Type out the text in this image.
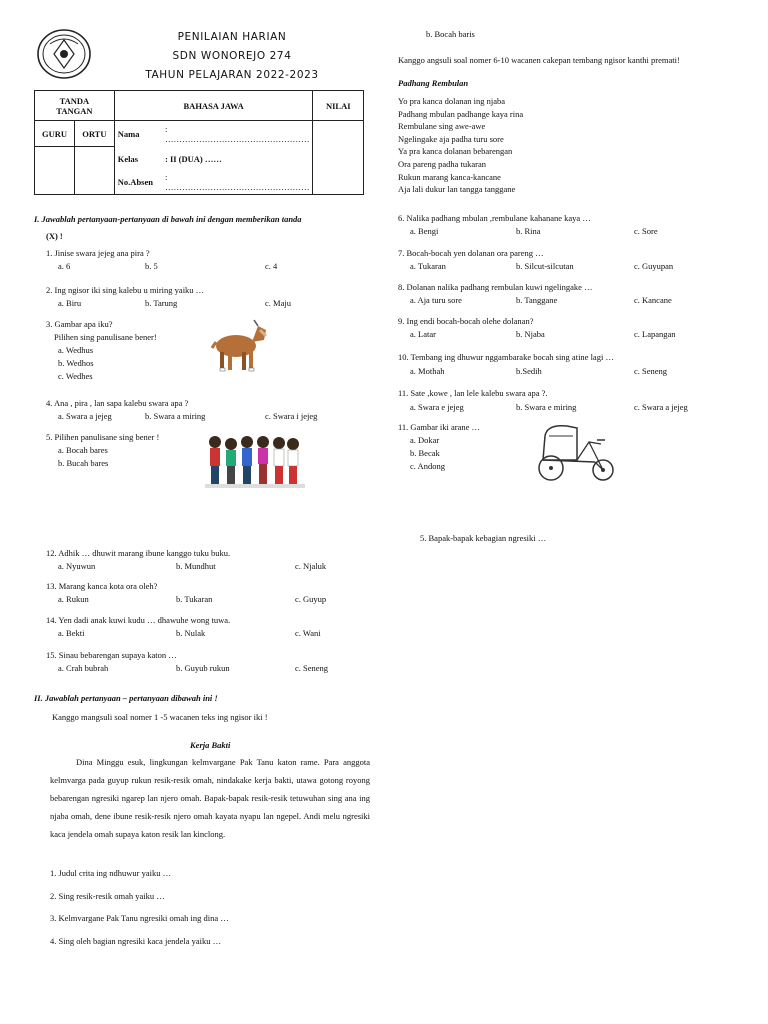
PENILAIAN HARIAN
SDN WONOREJO 274
TAHUN PELAJARAN 2022-2023
TANDA
TANGAN		BAHASA JAWA		NILAI
GURU	ORTU	Nama	: ……………………………………………	
		Kelas	: II (DUA) ……	
		No.Absen	: ……………………………………………	
I. Jawablah pertanyaan-pertanyaan di bawah ini dengan memberikan tanda
(X) !
1. Jinise swara jejeg ana pira ?
a. 6	b. 5	c. 4
2. Ing ngisor iki sing kalebu u miring yaiku …
a. Biru	b. Tarung	c. Maju
3. Gambar apa iku?
Pilihen sing panulisane bener!
a. Wedhus
b. Wedhos
c. Wedhes
4. Ana , pira , lan sapa kalebu swara apa ?
a. Swara a jejeg	b. Swara a miring	c. Swara i jejeg
5. Pilihen panulisane sing bener !
a. Bocah bares
b. Bucah bares
12. Adhik … dhuwit marang ibune kanggo tuku buku.
a. Nyuwun	b. Mundhut	c. Njaluk
13. Marang kanca kota ora oleh?
a. Rukun	b. Tukaran	c. Guyup
14. Yen dadi anak kuwi kudu … dhawuhe wong tuwa.
a. Bekti	b. Nulak	c. Wani
15. Sinau bebarengan supaya katon …
a. Crah bubrah	b. Guyub rukun	c. Seneng
II. Jawablah pertanyaan – pertanyaan dibawah ini !
Kanggo mangsuli soal nomer 1 -5 wacanen teks ing ngisor iki !
Kerja Bakti
Dina Minggu esuk, lingkungan kelmvargane Pak Tanu katon rame. Para anggota kelmvarga pada guyup rukun resik-resik omah, nindakake kerja bakti, utawa gotong royong bebarengan ngresiki ngarep lan njero omah. Bapak-bapak resik-resik tetuwuhan sing ana ing njaba omah, dene ibune resik-resik njero omah kayata nyapu lan ngepel. Andi melu ngresiki kaca jendela omah supaya katon resik lan kinclong.
1. Judul crita ing ndhuwur yaiku …
2. Sing resik-resik omah yaiku …
3. Kelmvargane Pak Tanu ngresiki omah ing dina …
4. Sing oleh bagian ngresiki kaca jendela yaiku …
5. Bapak-bapak kebagian ngresiki …
b. Bocah baris
Kanggo angsuli soal nomer 6-10 wacanen cakepan tembang ngisor kanthi premati!
Padhang Rembulan
Yo pra kanca dolanan ing njaba
Padhang mbulan padhange kaya rina
Rembulane sing awe-awe
Ngelingake aja padha turu sore
Ya pra kanca dolanan bebarengan
Ora pareng padha tukaran
Rukun marang kanca-kancane
Aja lali dukur lan tangga tanggane
6. Nalika padhang mbulan ,rembulane kahanane kaya …
a. Bengi	b. Rina	c. Sore
7. Bocah-bocah yen dolanan ora pareng …
a. Tukaran	b. Silcut-silcutan	c. Guyupan
8. Dolanan nalika padhang rembulan kuwi ngelingake …
a. Aja turu sore	b. Tanggane	c. Kancane
9. Ing endi bocah-bocah olehe dolanan?
a. Latar	b. Njaba	c. Lapangan
10. Tembang ing dhuwur nggambarake bocah sing atine lagi …
a. Mothah	b.Sedih	c. Seneng
11. Sate ,kowe , lan lele kalebu swara apa ?.
a. Swara e jejeg	b. Swara e miring	c. Swara a jejeg
11. Gambar iki arane …
a. Dokar
b. Becak
c. Andong
